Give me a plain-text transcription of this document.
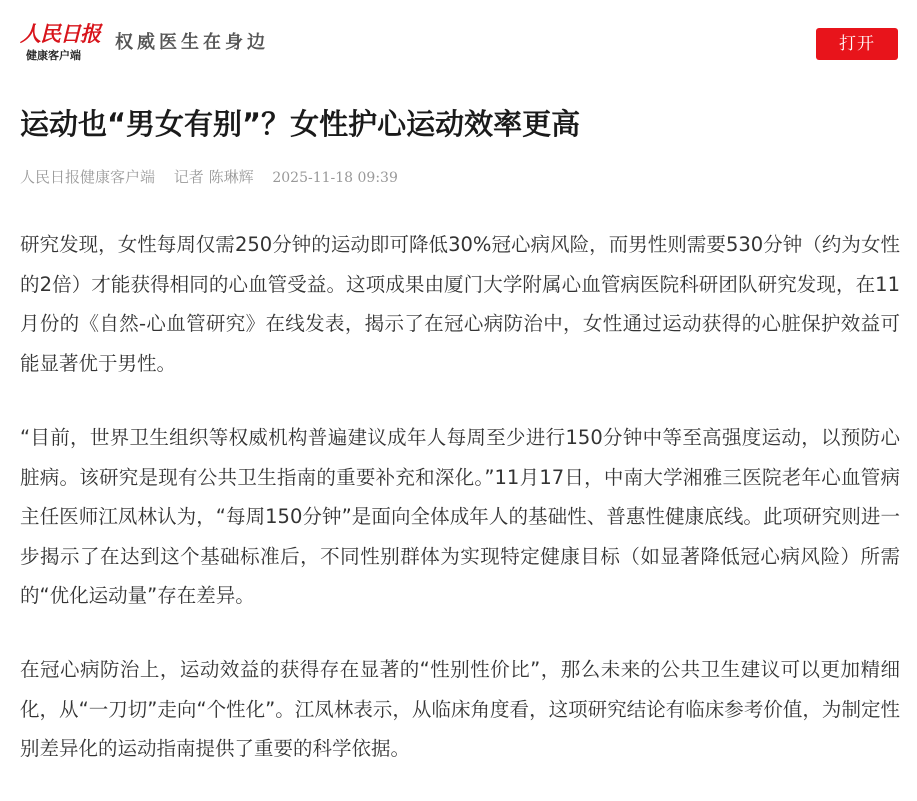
人民日报
健康客户端
权威医生在身边	打开
运动也“男女有别”？女性护心运动效率更高
人民日报健康客户端 记者 陈琳辉 2025-11-18 09:39

研究发现，女性每周仅需250分钟的运动即可降低30%冠心病风险，而男性则需要530分钟（约为女性的2倍）才能获得相同的心血管受益。这项成果由厦门大学附属心血管病医院科研团队研究发现，在11月份的《自然-心血管研究》在线发表，揭示了在冠心病防治中，女性通过运动获得的心脏保护效益可能显著优于男性。

“目前，世界卫生组织等权威机构普遍建议成年人每周至少进行150分钟中等至高强度运动，以预防心脏病。该研究是现有公共卫生指南的重要补充和深化。”11月17日，中南大学湘雅三医院老年心血管病主任医师江凤林认为，“每周150分钟”是面向全体成年人的基础性、普惠性健康底线。此项研究则进一步揭示了在达到这个基础标准后，不同性别群体为实现特定健康目标（如显著降低冠心病风险）所需的“优化运动量”存在差异。

在冠心病防治上，运动效益的获得存在显著的“性别性价比”，那么未来的公共卫生建议可以更加精细化，从“一刀切”走向“个性化”。江凤林表示，从临床角度看，这项研究结论有临床参考价值，为制定性别差异化的运动指南提供了重要的科学依据。
